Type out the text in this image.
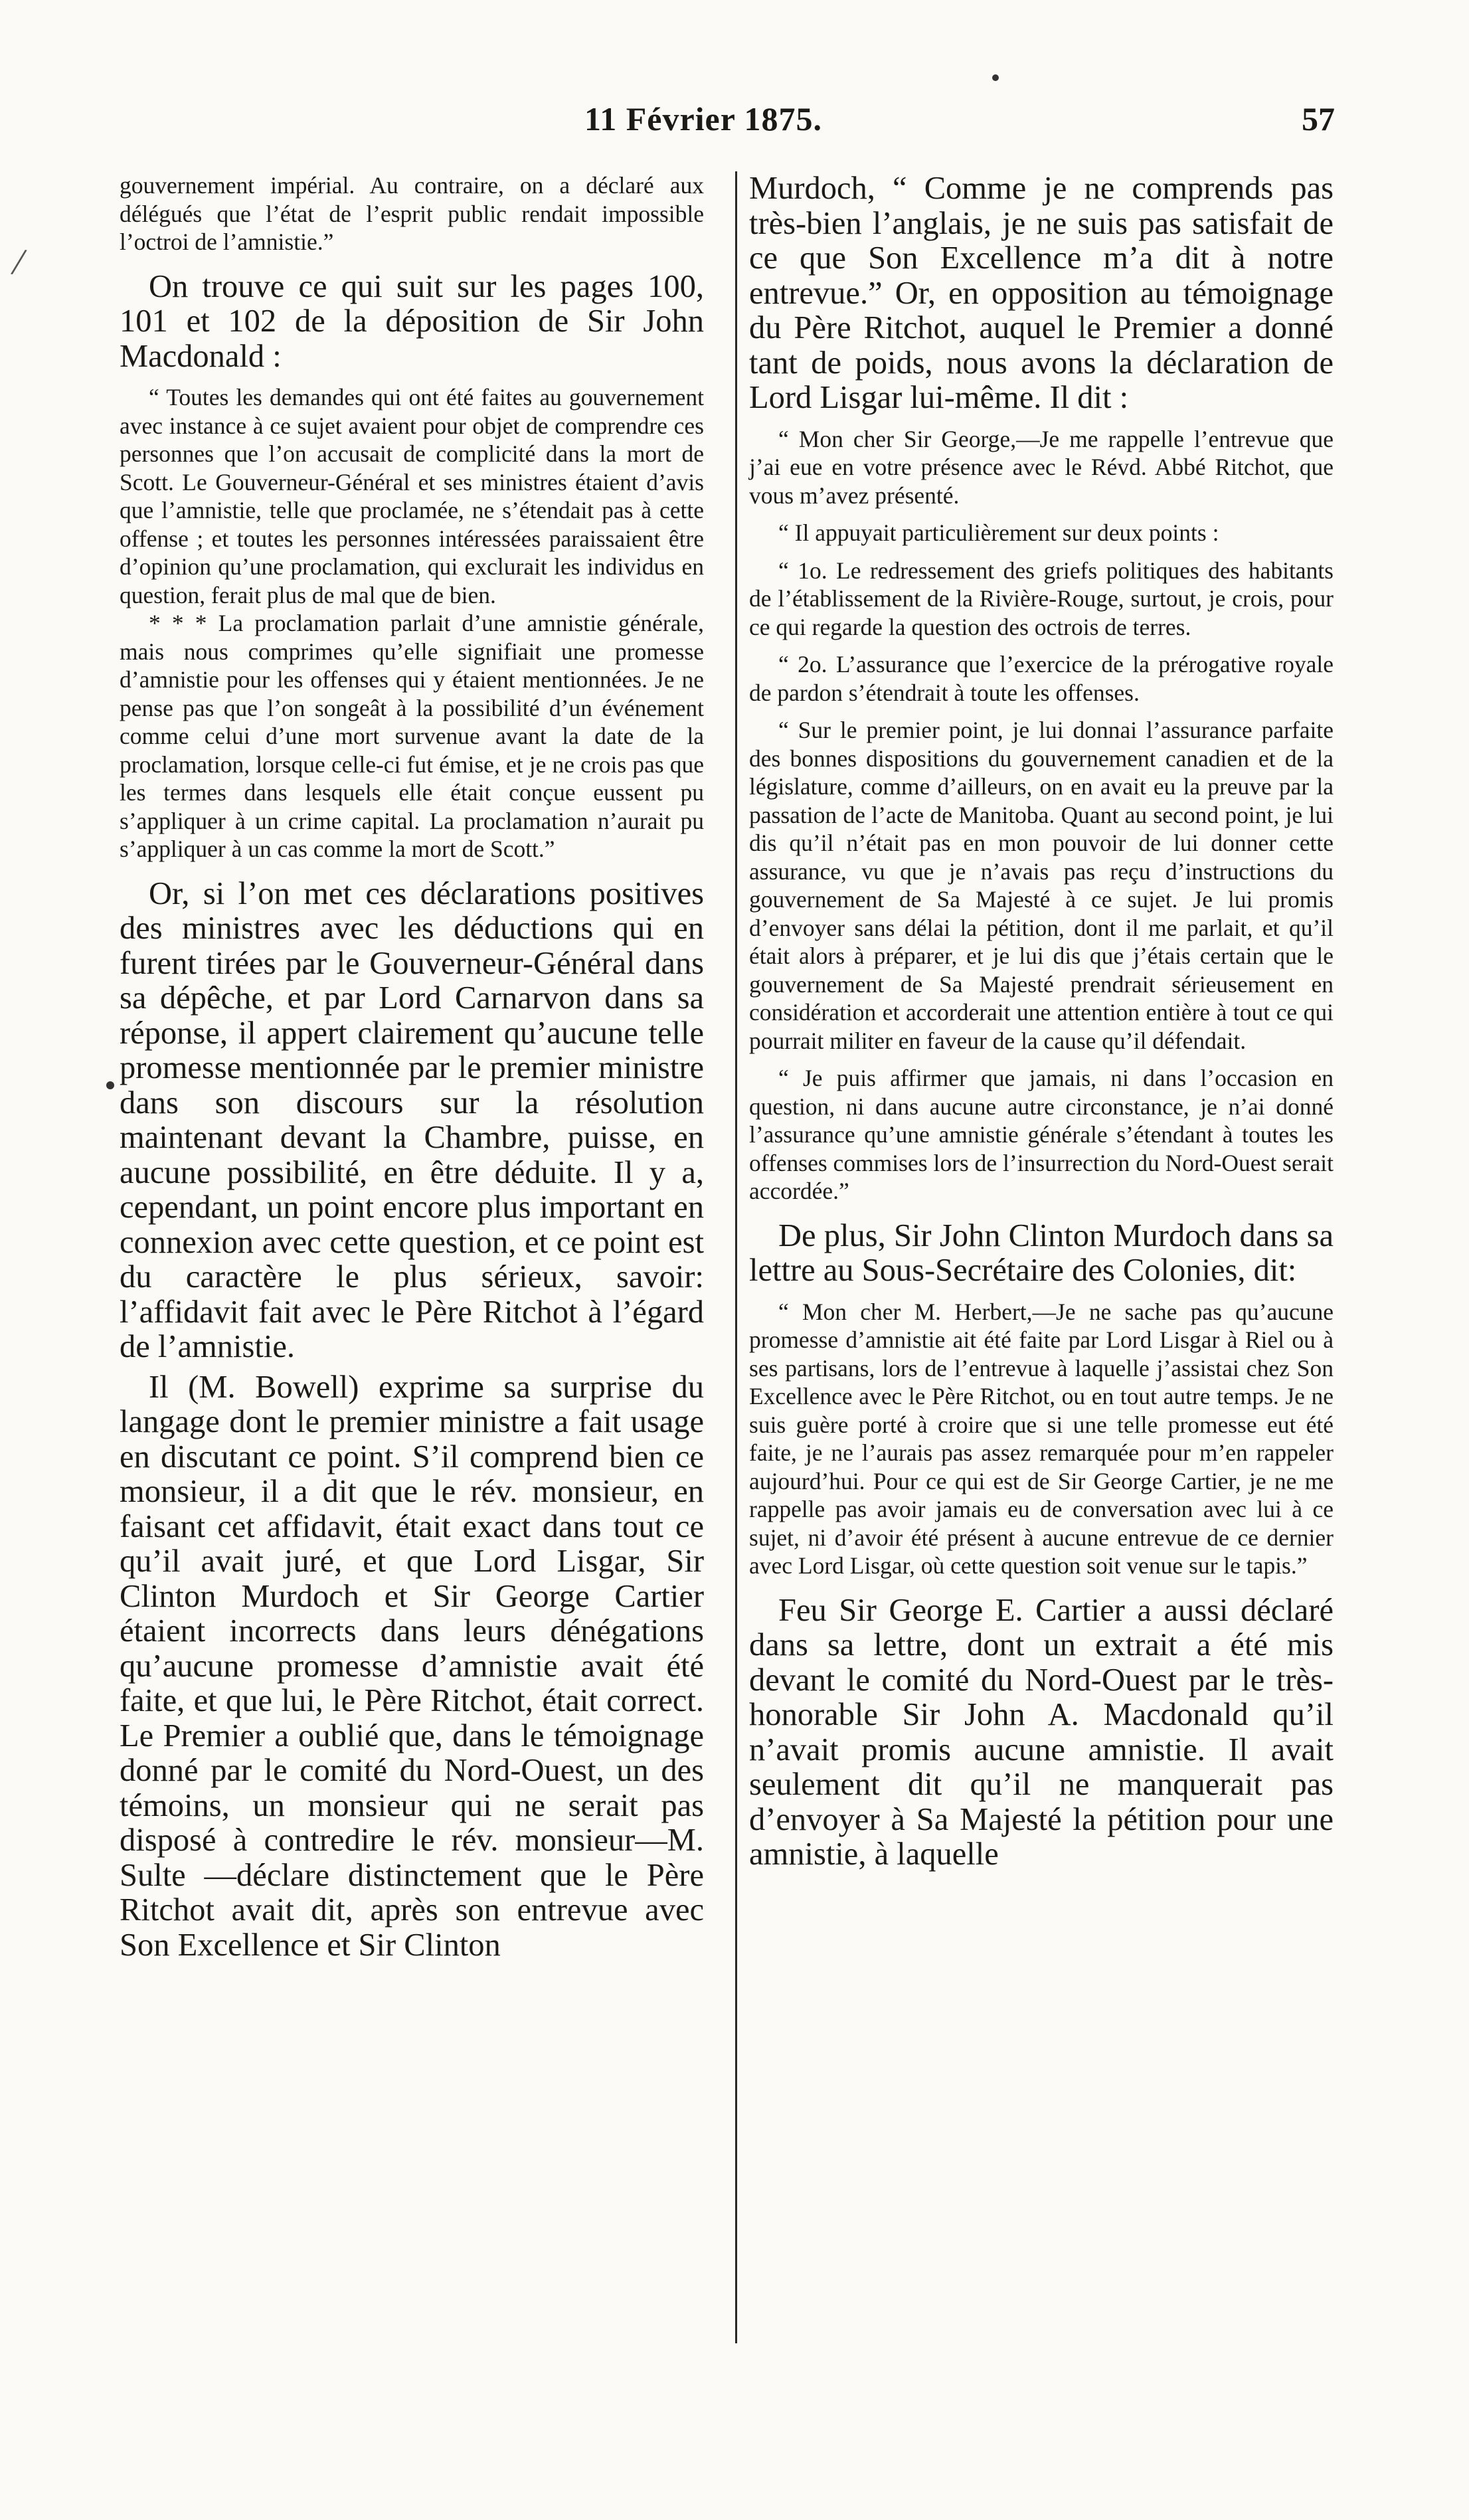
11 Février 1875.	57

gouvernement impérial. Au contraire, on a déclaré aux délégués que l’état de l’esprit public rendait impossible l’octroi de l’amnistie.”

On trouve ce qui suit sur les pages 100, 101 et 102 de la déposition de Sir John Macdonald :

“ Toutes les demandes qui ont été faites au gouvernement avec instance à ce sujet avaient pour objet de comprendre ces personnes que l’on accusait de complicité dans la mort de Scott. Le Gouverneur-Général et ses ministres étaient d’avis que l’amnistie, telle que proclamée, ne s’étendait pas à cette offense ; et toutes les personnes intéressées paraissaient être d’opinion qu’une proclamation, qui exclurait les individus en question, ferait plus de mal que de bien.

* * * La proclamation parlait d’une amnistie générale, mais nous comprimes qu’elle signifiait une promesse d’amnistie pour les offenses qui y étaient mentionnées. Je ne pense pas que l’on songeât à la possibilité d’un événement comme celui d’une mort survenue avant la date de la proclamation, lorsque celle-ci fut émise, et je ne crois pas que les termes dans lesquels elle était conçue eussent pu s’appliquer à un crime capital. La proclamation n’aurait pu s’appliquer à un cas comme la mort de Scott.”

Or, si l’on met ces déclarations positives des ministres avec les déductions qui en furent tirées par le Gouverneur-Général dans sa dépêche, et par Lord Carnarvon dans sa réponse, il appert clairement qu’aucune telle promesse mentionnée par le premier ministre dans son discours sur la résolution maintenant devant la Chambre, puisse, en aucune possibilité, en être déduite. Il y a, cependant, un point encore plus important en connexion avec cette question, et ce point est du caractère le plus sérieux, savoir: l’affidavit fait avec le Père Ritchot à l’égard de l’amnistie.

Il (M. Bowell) exprime sa surprise du langage dont le premier ministre a fait usage en discutant ce point. S’il comprend bien ce monsieur, il a dit que le rév. monsieur, en faisant cet affidavit, était exact dans tout ce qu’il avait juré, et que Lord Lisgar, Sir Clinton Murdoch et Sir George Cartier étaient incorrects dans leurs dénégations qu’aucune promesse d’amnistie avait été faite, et que lui, le Père Ritchot, était correct. Le Premier a oublié que, dans le témoignage donné par le comité du Nord-Ouest, un des témoins, un monsieur qui ne serait pas disposé à contredire le rév. monsieur—M. Sulte —déclare distinctement que le Père Ritchot avait dit, après son entrevue avec Son Excellence et Sir Clinton

Murdoch, “ Comme je ne comprends pas très-bien l’anglais, je ne suis pas satisfait de ce que Son Excellence m’a dit à notre entrevue.” Or, en opposition au témoignage du Père Ritchot, auquel le Premier a donné tant de poids, nous avons la déclaration de Lord Lisgar lui-même. Il dit :

“ Mon cher Sir George,—Je me rappelle l’entrevue que j’ai eue en votre présence avec le Révd. Abbé Ritchot, que vous m’avez présenté.

“ Il appuyait particulièrement sur deux points :

“ 1o. Le redressement des griefs politiques des habitants de l’établissement de la Rivière-Rouge, surtout, je crois, pour ce qui regarde la question des octrois de terres.

“ 2o. L’assurance que l’exercice de la prérogative royale de pardon s’étendrait à toute les offenses.

“ Sur le premier point, je lui donnai l’assurance parfaite des bonnes dispositions du gouvernement canadien et de la législature, comme d’ailleurs, on en avait eu la preuve par la passation de l’acte de Manitoba. Quant au second point, je lui dis qu’il n’était pas en mon pouvoir de lui donner cette assurance, vu que je n’avais pas reçu d’instructions du gouvernement de Sa Majesté à ce sujet. Je lui promis d’envoyer sans délai la pétition, dont il me parlait, et qu’il était alors à préparer, et je lui dis que j’étais certain que le gouvernement de Sa Majesté prendrait sérieusement en considération et accorderait une attention entière à tout ce qui pourrait militer en faveur de la cause qu’il défendait.

“ Je puis affirmer que jamais, ni dans l’occasion en question, ni dans aucune autre circonstance, je n’ai donné l’assurance qu’une amnistie générale s’étendant à toutes les offenses commises lors de l’insurrection du Nord-Ouest serait accordée.”

De plus, Sir John Clinton Murdoch dans sa lettre au Sous-Secrétaire des Colonies, dit:

“ Mon cher M. Herbert,—Je ne sache pas qu’aucune promesse d’amnistie ait été faite par Lord Lisgar à Riel ou à ses partisans, lors de l’entrevue à laquelle j’assistai chez Son Excellence avec le Père Ritchot, ou en tout autre temps. Je ne suis guère porté à croire que si une telle promesse eut été faite, je ne l’aurais pas assez remarquée pour m’en rappeler aujourd’hui. Pour ce qui est de Sir George Cartier, je ne me rappelle pas avoir jamais eu de conversation avec lui à ce sujet, ni d’avoir été présent à aucune entrevue de ce dernier avec Lord Lisgar, où cette question soit venue sur le tapis.”

Feu Sir George E. Cartier a aussi déclaré dans sa lettre, dont un extrait a été mis devant le comité du Nord-Ouest par le très-honorable Sir John A. Macdonald qu’il n’avait promis aucune amnistie. Il avait seulement dit qu’il ne manquerait pas d’envoyer à Sa Majesté la pétition pour une amnistie, à laquelle

/
